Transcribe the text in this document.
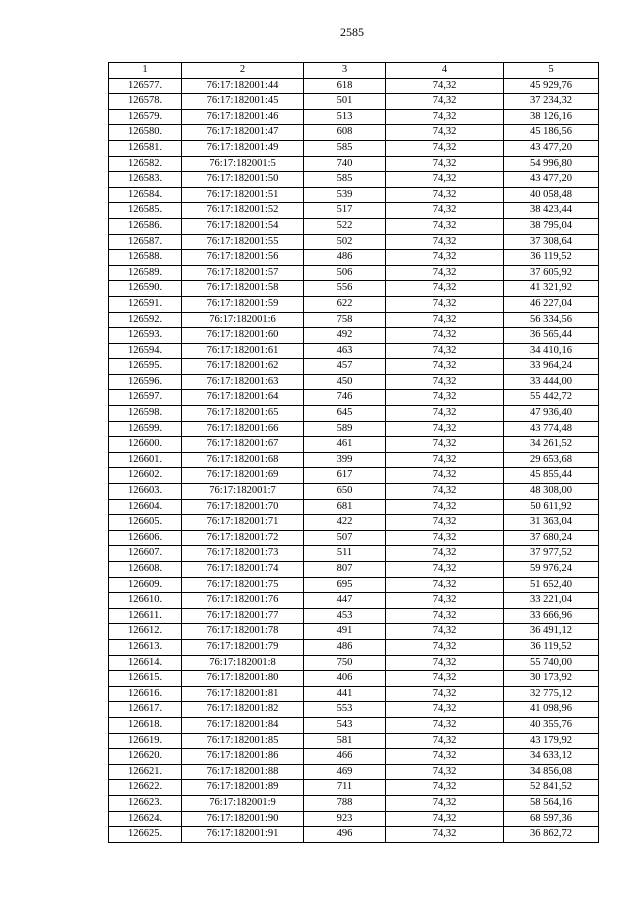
2585
1	2	3	4	5
126577.	76:17:182001:44	618	74,32	45 929,76
126578.	76:17:182001:45	501	74,32	37 234,32
126579.	76:17:182001:46	513	74,32	38 126,16
126580.	76:17:182001:47	608	74,32	45 186,56
126581.	76:17:182001:49	585	74,32	43 477,20
126582.	76:17:182001:5	740	74,32	54 996,80
126583.	76:17:182001:50	585	74,32	43 477,20
126584.	76:17:182001:51	539	74,32	40 058,48
126585.	76:17:182001:52	517	74,32	38 423,44
126586.	76:17:182001:54	522	74,32	38 795,04
126587.	76:17:182001:55	502	74,32	37 308,64
126588.	76:17:182001:56	486	74,32	36 119,52
126589.	76:17:182001:57	506	74,32	37 605,92
126590.	76:17:182001:58	556	74,32	41 321,92
126591.	76:17:182001:59	622	74,32	46 227,04
126592.	76:17:182001:6	758	74,32	56 334,56
126593.	76:17:182001:60	492	74,32	36 565,44
126594.	76:17:182001:61	463	74,32	34 410,16
126595.	76:17:182001:62	457	74,32	33 964,24
126596.	76:17:182001:63	450	74,32	33 444,00
126597.	76:17:182001:64	746	74,32	55 442,72
126598.	76:17:182001:65	645	74,32	47 936,40
126599.	76:17:182001:66	589	74,32	43 774,48
126600.	76:17:182001:67	461	74,32	34 261,52
126601.	76:17:182001:68	399	74,32	29 653,68
126602.	76:17:182001:69	617	74,32	45 855,44
126603.	76:17:182001:7	650	74,32	48 308,00
126604.	76:17:182001:70	681	74,32	50 611,92
126605.	76:17:182001:71	422	74,32	31 363,04
126606.	76:17:182001:72	507	74,32	37 680,24
126607.	76:17:182001:73	511	74,32	37 977,52
126608.	76:17:182001:74	807	74,32	59 976,24
126609.	76:17:182001:75	695	74,32	51 652,40
126610.	76:17:182001:76	447	74,32	33 221,04
126611.	76:17:182001:77	453	74,32	33 666,96
126612.	76:17:182001:78	491	74,32	36 491,12
126613.	76:17:182001:79	486	74,32	36 119,52
126614.	76:17:182001:8	750	74,32	55 740,00
126615.	76:17:182001:80	406	74,32	30 173,92
126616.	76:17:182001:81	441	74,32	32 775,12
126617.	76:17:182001:82	553	74,32	41 098,96
126618.	76:17:182001:84	543	74,32	40 355,76
126619.	76:17:182001:85	581	74,32	43 179,92
126620.	76:17:182001:86	466	74,32	34 633,12
126621.	76:17:182001:88	469	74,32	34 856,08
126622.	76:17:182001:89	711	74,32	52 841,52
126623.	76:17:182001:9	788	74,32	58 564,16
126624.	76:17:182001:90	923	74,32	68 597,36
126625.	76:17:182001:91	496	74,32	36 862,72
